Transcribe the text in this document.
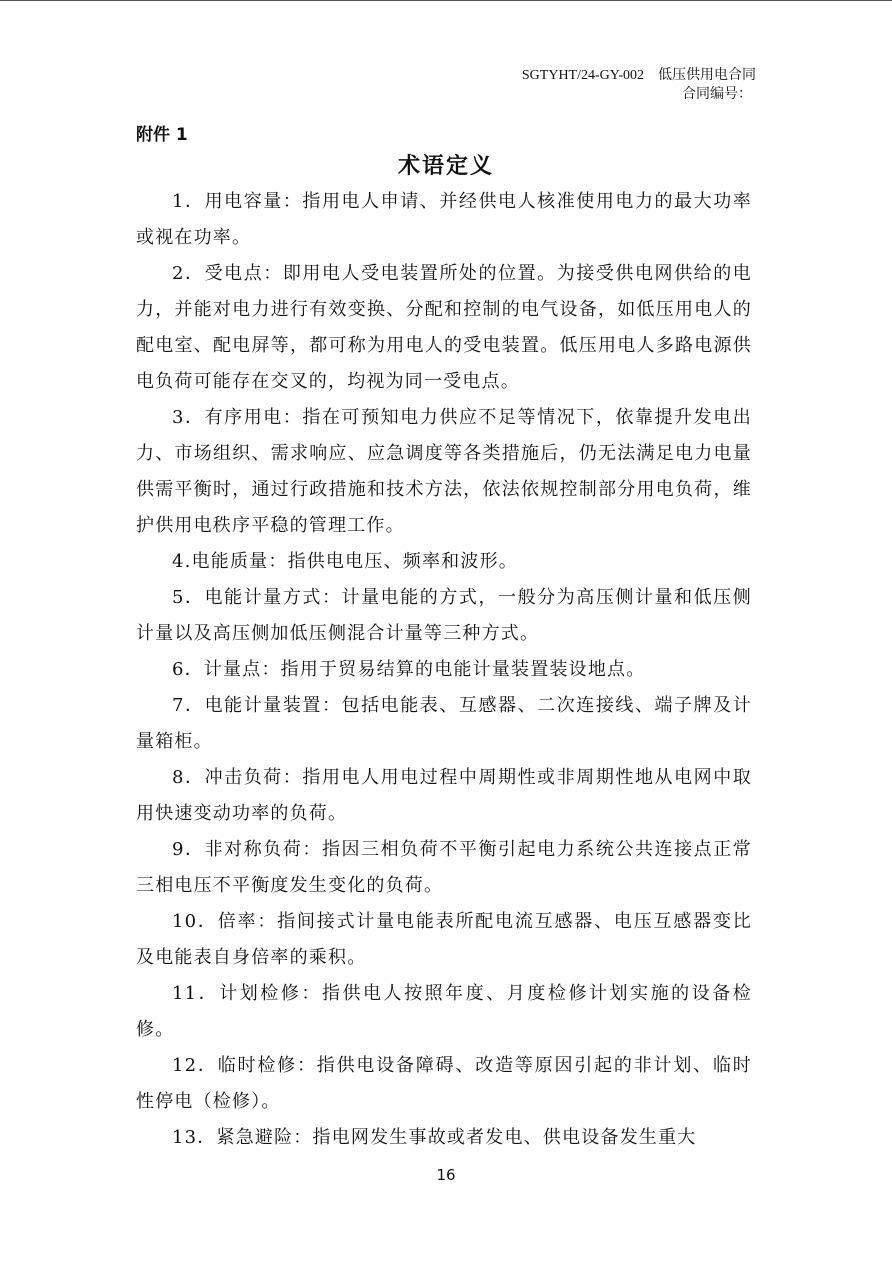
SGTYHT/24-GY-002　低压供用电合同
合同编号：
附件 1
术语定义

1．用电容量：指用电人申请、并经供电人核准使用电力的最大功率或视在功率。

2．受电点：即用电人受电装置所处的位置。为接受供电网供给的电力，并能对电力进行有效变换、分配和控制的电气设备，如低压用电人的配电室、配电屏等，都可称为用电人的受电装置。低压用电人多路电源供电负荷可能存在交叉的，均视为同一受电点。

3．有序用电：指在可预知电力供应不足等情况下，依靠提升发电出力、市场组织、需求响应、应急调度等各类措施后，仍无法满足电力电量供需平衡时，通过行政措施和技术方法，依法依规控制部分用电负荷，维护供用电秩序平稳的管理工作。

4.电能质量：指供电电压、频率和波形。

5．电能计量方式：计量电能的方式，一般分为高压侧计量和低压侧计量以及高压侧加低压侧混合计量等三种方式。

6．计量点：指用于贸易结算的电能计量装置装设地点。

7．电能计量装置：包括电能表、互感器、二次连接线、端子牌及计量箱柜。

8．冲击负荷：指用电人用电过程中周期性或非周期性地从电网中取用快速变动功率的负荷。

9．非对称负荷：指因三相负荷不平衡引起电力系统公共连接点正常三相电压不平衡度发生变化的负荷。

10．倍率：指间接式计量电能表所配电流互感器、电压互感器变比及电能表自身倍率的乘积。

11．计划检修：指供电人按照年度、月度检修计划实施的设备检修。

12．临时检修：指供电设备障碍、改造等原因引起的非计划、临时性停电（检修）。

13．紧急避险：指电网发生事故或者发电、供电设备发生重大

16
